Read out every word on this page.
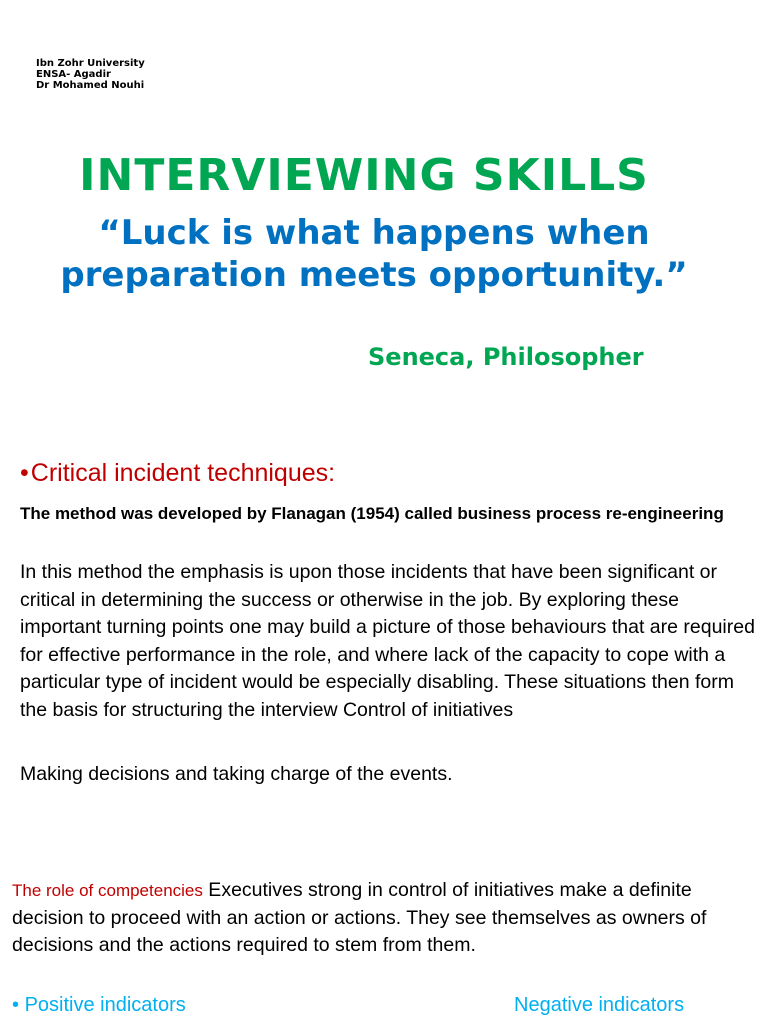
Ibn Zohr University
ENSA- Agadir
Dr Mohamed Nouhi
INTERVIEWING SKILLS
“Luck is what happens when preparation meets opportunity.”
Seneca, Philosopher
•Critical incident techniques:
The method was developed by Flanagan (1954) called business process re-engineering
In this method the emphasis is upon those incidents that have been significant or critical in determining the success or otherwise in the job. By exploring these important turning points one may build a picture of those behaviours that are required for effective performance in the role, and where lack of the capacity to cope with a particular type of incident would be especially disabling. These situations then form the basis for structuring the interview Control of initiatives
Making decisions and taking charge of the events.
The role of competencies Executives strong in control of initiatives make a definite decision to proceed with an action or actions. They see themselves as owners of decisions and the actions required to stem from them.
• Positive indicators	Negative indicators
